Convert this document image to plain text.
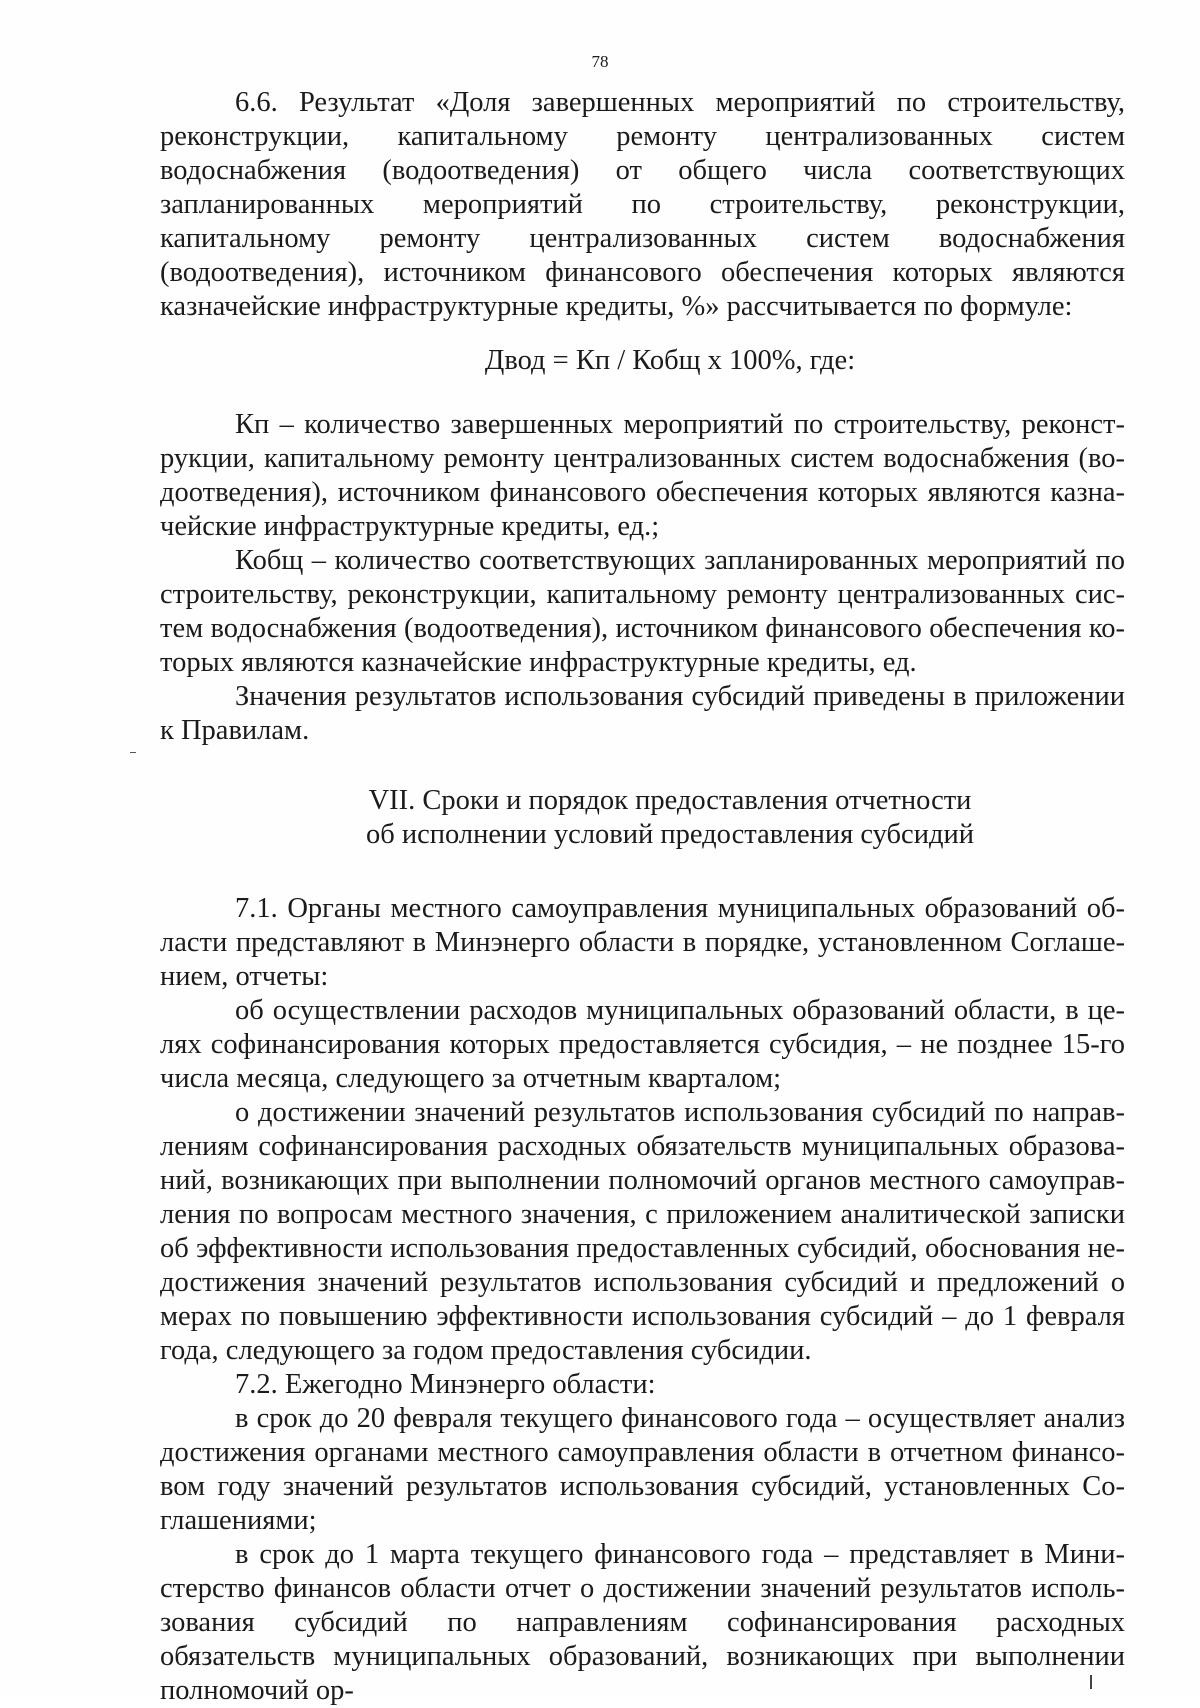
78

6.6. Результат «Доля завершенных мероприятий по строительству, реконструкции, капитальному ремонту централизованных систем водоснабжения (водоотведения) от общего числа соответствующих запланированных мероприятий по строительству, реконструкции, капитальному ремонту централизованных систем водоснабжения (водоотведения), источником финансового обеспечения которых являются казначейские инфраструктурные кредиты, %» рассчитывается по формуле:

Двод = Кп / Кобщ x 100%, где:

Кп – количество завершенных мероприятий по строительству, реконструкции, капитальному ремонту централизованных систем водоснабжения (водоотведения), источником финансового обеспечения которых являются казначейские инфраструктурные кредиты, ед.;

Кобщ – количество соответствующих запланированных мероприятий по строительству, реконструкции, капитальному ремонту централизованных систем водоснабжения (водоотведения), источником финансового обеспечения которых являются казначейские инфраструктурные кредиты, ед.

Значения результатов использования субсидий приведены в приложении к Правилам.

VII. Сроки и порядок предоставления отчетности
об исполнении условий предоставления субсидий

7.1. Органы местного самоуправления муниципальных образований области представляют в Минэнерго области в порядке, установленном Соглашением, отчеты:

об осуществлении расходов муниципальных образований области, в целях софинансирования которых предоставляется субсидия, – не позднее 15-го числа месяца, следующего за отчетным кварталом;

о достижении значений результатов использования субсидий по направлениям софинансирования расходных обязательств муниципальных образований, возникающих при выполнении полномочий органов местного самоуправления по вопросам местного значения, с приложением аналитической записки об эффективности использования предоставленных субсидий, обоснования недостижения значений результатов использования субсидий и предложений о мерах по повышению эффективности использования субсидий – до 1 февраля года, следующего за годом предоставления субсидии.

7.2. Ежегодно Минэнерго области:

в срок до 20 февраля текущего финансового года – осуществляет анализ достижения органами местного самоуправления области в отчетном финансовом году значений результатов использования субсидий, установленных Соглашениями;

в срок до 1 марта текущего финансового года – представляет в Министерство финансов области отчет о достижении значений результатов использования субсидий по направлениям софинансирования расходных обязательств муниципальных образований, возникающих при выполнении полномочий ор-
